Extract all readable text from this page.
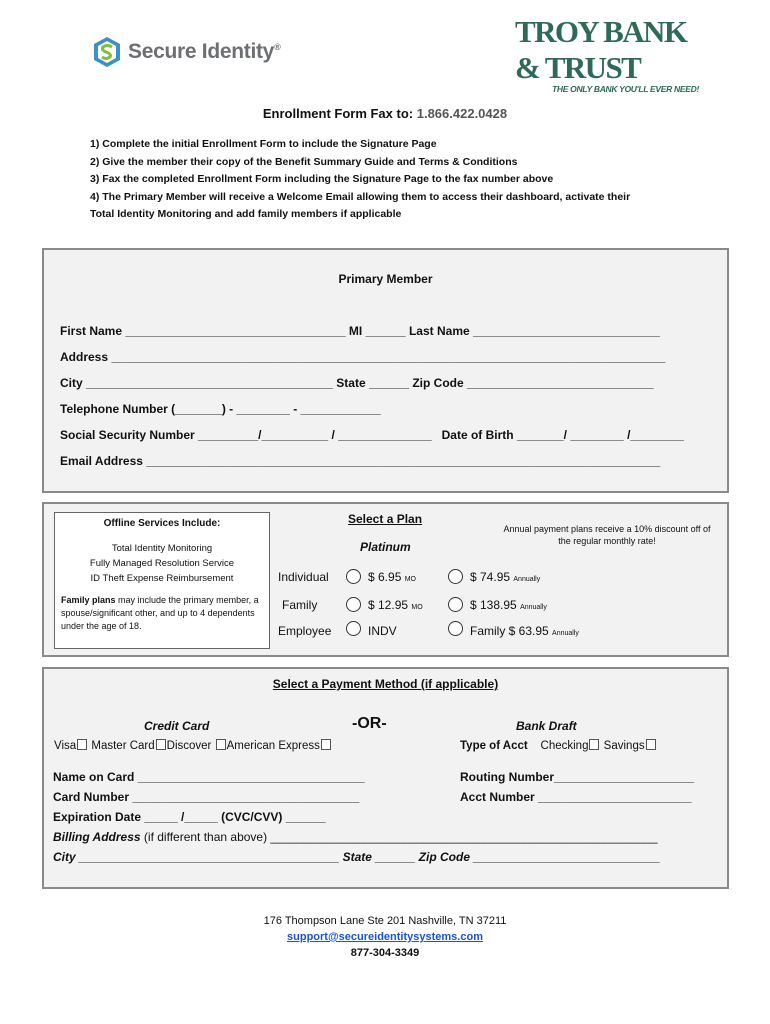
Secure Identity®	TROY BANK & TRUST
THE ONLY BANK YOU'LL EVER NEED!
Enrollment Form Fax to: 1.866.422.0428
1) Complete the initial Enrollment Form to include the Signature Page
2) Give the member their copy of the Benefit Summary Guide and Terms & Conditions
3) Fax the completed Enrollment Form including the Signature Page to the fax number above
4) The Primary Member will receive a Welcome Email allowing them to access their dashboard, activate their
Total Identity Monitoring and add family members if applicable
Primary Member
First Name _________________________________ MI ______ Last Name ____________________________
Address ___________________________________________________________________________________
City _____________________________________ State ______ Zip Code ____________________________
Telephone Number (_______) - ________ - ____________
Social Security Number _________/__________ / ______________   Date of Birth _______/ ________ /________
Email Address _____________________________________________________________________________
Offline Services Include:
Total Identity Monitoring
Fully Managed Resolution Service
ID Theft Expense Reimbursement
Family plans may include the primary member, a spouse/significant other, and up to 4 dependents under the age of 18.
Select a Plan
Platinum
Annual payment plans receive a 10% discount off of the regular monthly rate!
Individual	$ 6.95 MO	$ 74.95 Annually
Family	$ 12.95 MO	$ 138.95 Annually
Employee	INDV	Family $ 63.95 Annually
Select a Payment Method (if applicable)
Credit Card	-OR-	Bank Draft
Visa Master Card Discover American Express	Type of Acct Checking Savings
Name on Card __________________________________
Card Number __________________________________
Expiration Date _____ /_____ (CVC/CVV) ______
Routing Number_____________________
Acct Number _______________________
Billing Address (if different than above) __________________________________________________________
City _______________________________________ State ______ Zip Code ____________________________
176 Thompson Lane Ste 201 Nashville, TN 37211
support@secureidentitysystems.com
877-304-3349
